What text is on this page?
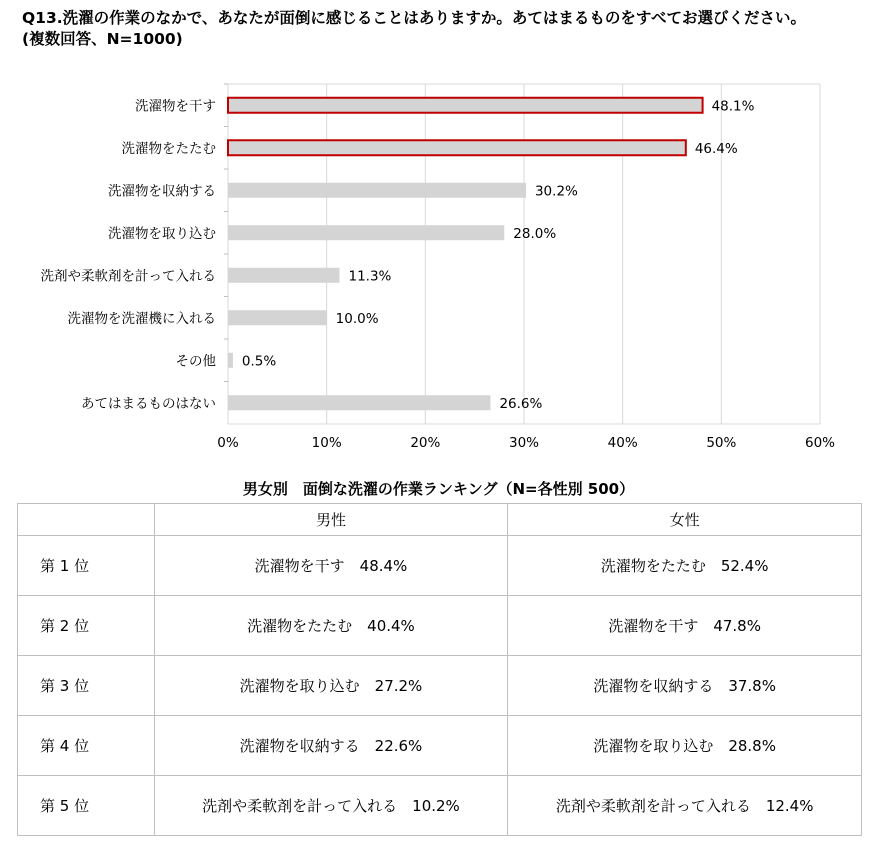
Q13.洗濯の作業のなかで、あなたが面倒に感じることはありますか。あてはまるものをすべてお選びください。
(複数回答、N=1000)
0%	10%	20%	30%	40%	50%	60%
洗濯物を干す	48.1%
洗濯物をたたむ	46.4%
洗濯物を収納する	30.2%
洗濯物を取り込む	28.0%
洗剤や柔軟剤を計って入れる	11.3%
洗濯物を洗濯機に入れる	10.0%
その他 0.5%
あてはまるものはない	26.6%
男女別　面倒な洗濯の作業ランキング（N=各性別 500）
	男性	女性
第 1 位	洗濯物を干す　48.4%	洗濯物をたたむ　52.4%
第 2 位	洗濯物をたたむ　40.4%	洗濯物を干す　47.8%
第 3 位	洗濯物を取り込む　27.2%	洗濯物を収納する　37.8%
第 4 位	洗濯物を収納する　22.6%	洗濯物を取り込む　28.8%
第 5 位	洗剤や柔軟剤を計って入れる　10.2%	洗剤や柔軟剤を計って入れる　12.4%
